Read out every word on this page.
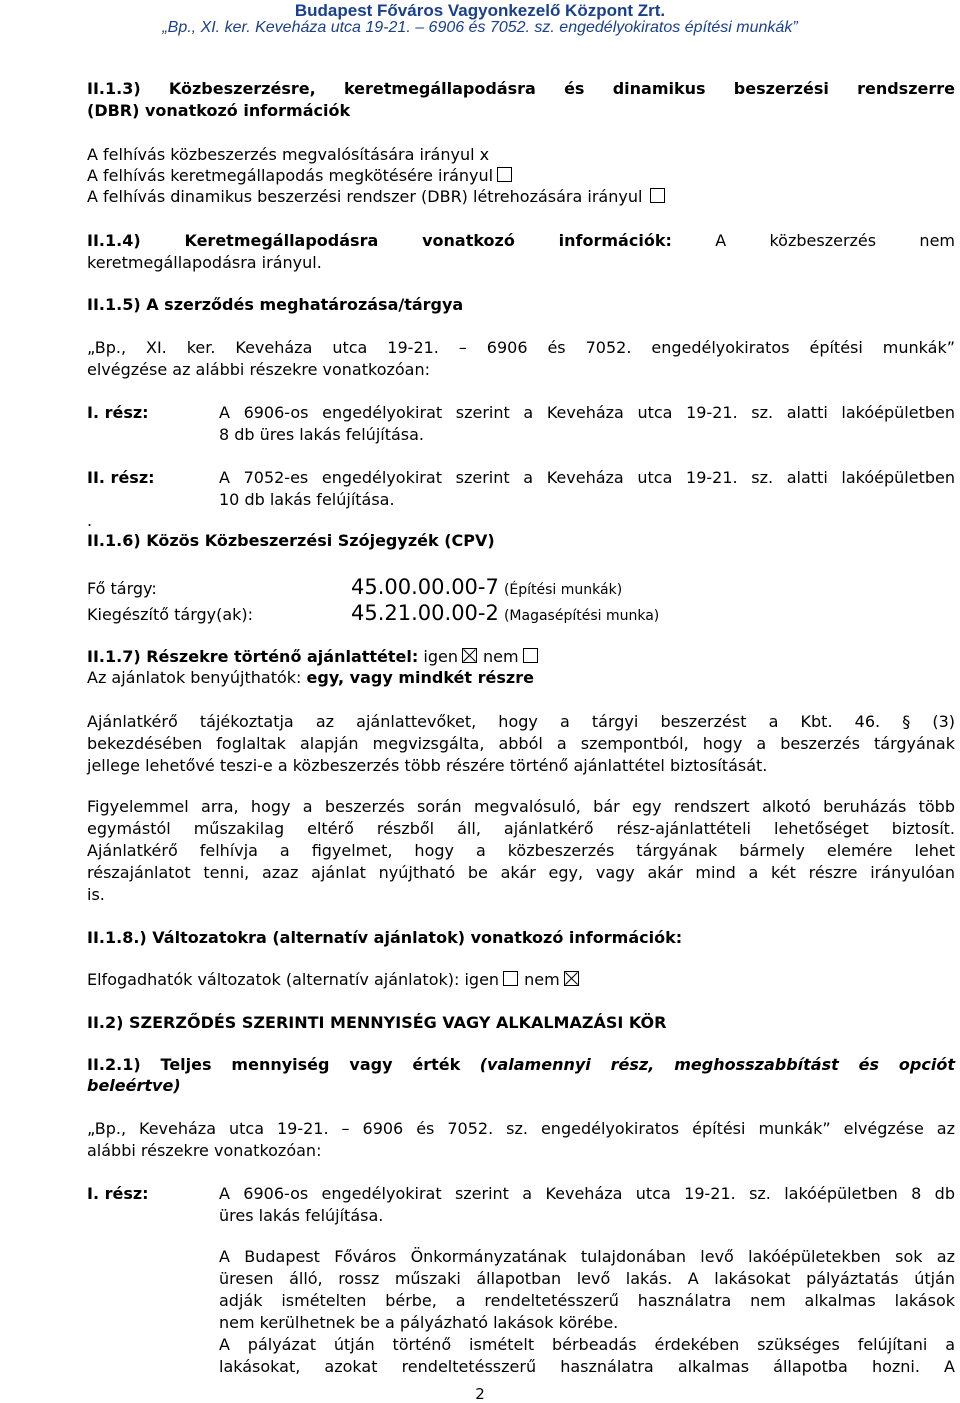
Budapest Főváros Vagyonkezelő Központ Zrt.
„Bp., XI. ker. Keveháza utca 19-21. – 6906 és 7052. sz. engedélyokiratos építési munkák”
II.1.3) Közbeszerzésre, keretmegállapodásra és dinamikus beszerzési rendszerre
(DBR) vonatkozó információk
A felhívás közbeszerzés megvalósítására irányul x
A felhívás keretmegállapodás megkötésére irányul
A felhívás dinamikus beszerzési rendszer (DBR) létrehozására irányul
II.1.4) Keretmegállapodásra vonatkozó információk:	A közbeszerzés nem
keretmegállapodásra irányul.
II.1.5) A szerződés meghatározása/tárgya
„Bp., XI. ker. Keveháza utca 19-21. – 6906 és 7052. engedélyokiratos építési munkák”
elvégzése az alábbi részekre vonatkozóan:
I. rész:	A 6906-os engedélyokirat szerint a Keveháza utca 19-21. sz. alatti lakóépületben
8 db üres lakás felújítása.
II. rész:	A 7052-es engedélyokirat szerint a Keveháza utca 19-21. sz. alatti lakóépületben
10 db lakás felújítása.
.
II.1.6) Közös Közbeszerzési Szójegyzék (CPV)
Fő tárgy:	45.00.00.00-7 (Építési munkák)
Kiegészítő tárgy(ak):	45.21.00.00-2 (Magasépítési munka)
II.1.7) Részekre történő ajánlattétel: igen nem
Az ajánlatok benyújthatók: egy, vagy mindkét részre
Ajánlatkérő tájékoztatja az ajánlattevőket, hogy a tárgyi beszerzést a Kbt. 46. § (3)
bekezdésében foglaltak alapján megvizsgálta, abból a szempontból, hogy a beszerzés tárgyának
jellege lehetővé teszi-e a közbeszerzés több részére történő ajánlattétel biztosítását.
Figyelemmel arra, hogy a beszerzés során megvalósuló, bár egy rendszert alkotó beruházás több
egymástól műszakilag eltérő részből áll, ajánlatkérő rész-ajánlattételi lehetőséget biztosít.
Ajánlatkérő felhívja a figyelmet, hogy a közbeszerzés tárgyának bármely elemére lehet
részajánlatot tenni, azaz ajánlat nyújtható be akár egy, vagy akár mind a két részre irányulóan
is.
II.1.8.) Változatokra (alternatív ajánlatok) vonatkozó információk:
Elfogadhatók változatok (alternatív ajánlatok): igen nem
II.2) SZERZŐDÉS SZERINTI MENNYISÉG VAGY ALKALMAZÁSI KÖR
II.2.1) Teljes mennyiség vagy érték (valamennyi rész, meghosszabbítást és opciót
beleértve)
„Bp., Keveháza utca 19-21. – 6906 és 7052. sz. engedélyokiratos építési munkák” elvégzése az
alábbi részekre vonatkozóan:
I. rész:	A 6906-os engedélyokirat szerint a Keveháza utca 19-21. sz. lakóépületben 8 db
üres lakás felújítása.
A Budapest Főváros Önkormányzatának tulajdonában levő lakóépületekben sok az
üresen álló, rossz műszaki állapotban levő lakás. A lakásokat pályáztatás útján
adják ismételten bérbe, a rendeltetésszerű használatra nem alkalmas lakások
nem kerülhetnek be a pályázható lakások körébe.
A pályázat útján történő ismételt bérbeadás érdekében szükséges felújítani a
lakásokat, azokat rendeltetésszerű használatra alkalmas állapotba hozni. A
2
